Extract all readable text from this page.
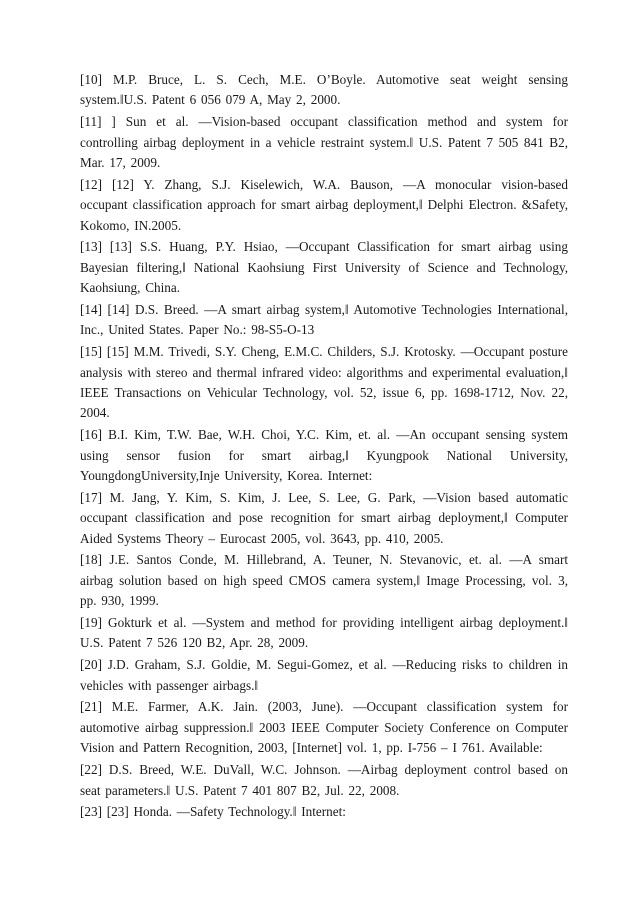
[10] M.P. Bruce, L. S. Cech, M.E. O’Boyle. Automotive seat weight sensing system.‖U.S. Patent 6 056 079 A, May 2, 2000.

[11] ] Sun et al. ―Vision-based occupant classification method and system for controlling airbag deployment in a vehicle restraint system.‖ U.S. Patent 7 505 841 B2, Mar. 17, 2009.

[12] [12] Y. Zhang, S.J. Kiselewich, W.A. Bauson, ―A monocular vision-based occupant classification approach for smart airbag deployment,‖ Delphi Electron. &Safety, Kokomo, IN.2005.

[13] [13] S.S. Huang, P.Y. Hsiao, ―Occupant Classification for smart airbag using Bayesian filtering,‖ National Kaohsiung First University of Science and Technology, Kaohsiung, China.

[14] [14] D.S. Breed. ―A smart airbag system,‖ Automotive Technologies International, Inc., United States. Paper No.: 98-S5-O-13

[15] [15] M.M. Trivedi, S.Y. Cheng, E.M.C. Childers, S.J. Krotosky. ―Occupant posture analysis with stereo and thermal infrared video: algorithms and experimental evaluation,‖ IEEE Transactions on Vehicular Technology, vol. 52, issue 6, pp. 1698-1712, Nov. 22, 2004.

[16] B.I. Kim, T.W. Bae, W.H. Choi, Y.C. Kim, et. al. ―An occupant sensing system using sensor fusion for smart airbag,‖ Kyungpook National University, YoungdongUniversity,Inje University, Korea. Internet:

[17] M. Jang, Y. Kim, S. Kim, J. Lee, S. Lee, G. Park, ―Vision based automatic occupant classification and pose recognition for smart airbag deployment,‖ Computer Aided Systems Theory – Eurocast 2005, vol. 3643, pp. 410, 2005.

[18] J.E. Santos Conde, M. Hillebrand, A. Teuner, N. Stevanovic, et. al. ―A smart airbag solution based on high speed CMOS camera system,‖ Image Processing, vol. 3, pp. 930, 1999.

[19] Gokturk et al. ―System and method for providing intelligent airbag deployment.‖ U.S. Patent 7 526 120 B2, Apr. 28, 2009.

[20] J.D. Graham, S.J. Goldie, M. Segui-Gomez, et al. ―Reducing risks to children in vehicles with passenger airbags.‖

[21] M.E. Farmer, A.K. Jain. (2003, June). ―Occupant classification system for automotive airbag suppression.‖ 2003 IEEE Computer Society Conference on Computer Vision and Pattern Recognition, 2003, [Internet] vol. 1, pp. I-756 – I 761. Available:

[22] D.S. Breed, W.E. DuVall, W.C. Johnson. ―Airbag deployment control based on seat parameters.‖ U.S. Patent 7 401 807 B2, Jul. 22, 2008.

[23] [23] Honda. ―Safety Technology.‖ Internet:
